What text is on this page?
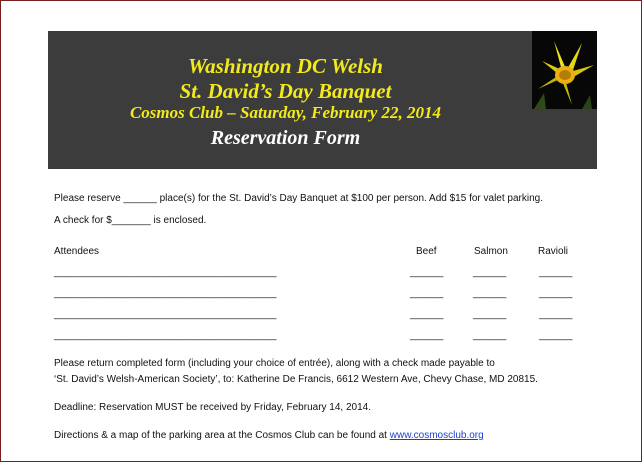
Washington DC Welsh
St. David’s Day Banquet
Cosmos Club – Saturday, February 22, 2014
Reservation Form
Please reserve ______ place(s) for the St. David’s Day Banquet at $100 per person. Add $15 for valet parking.
A check for $_______ is enclosed.
Attendees	Beef	Salmon	Ravioli
________________________________________	______	______	______
________________________________________	______	______	______
________________________________________	______	______	______
________________________________________	______	______	______
Please return completed form (including your choice of entrée), along with a check made payable to
‘St. David’s Welsh-American Society’, to: Katherine De Francis, 6612 Western Ave, Chevy Chase, MD 20815.
Deadline: Reservation MUST be received by Friday, February 14, 2014.
Directions & a map of the parking area at the Cosmos Club can be found at www.cosmosclub.org
